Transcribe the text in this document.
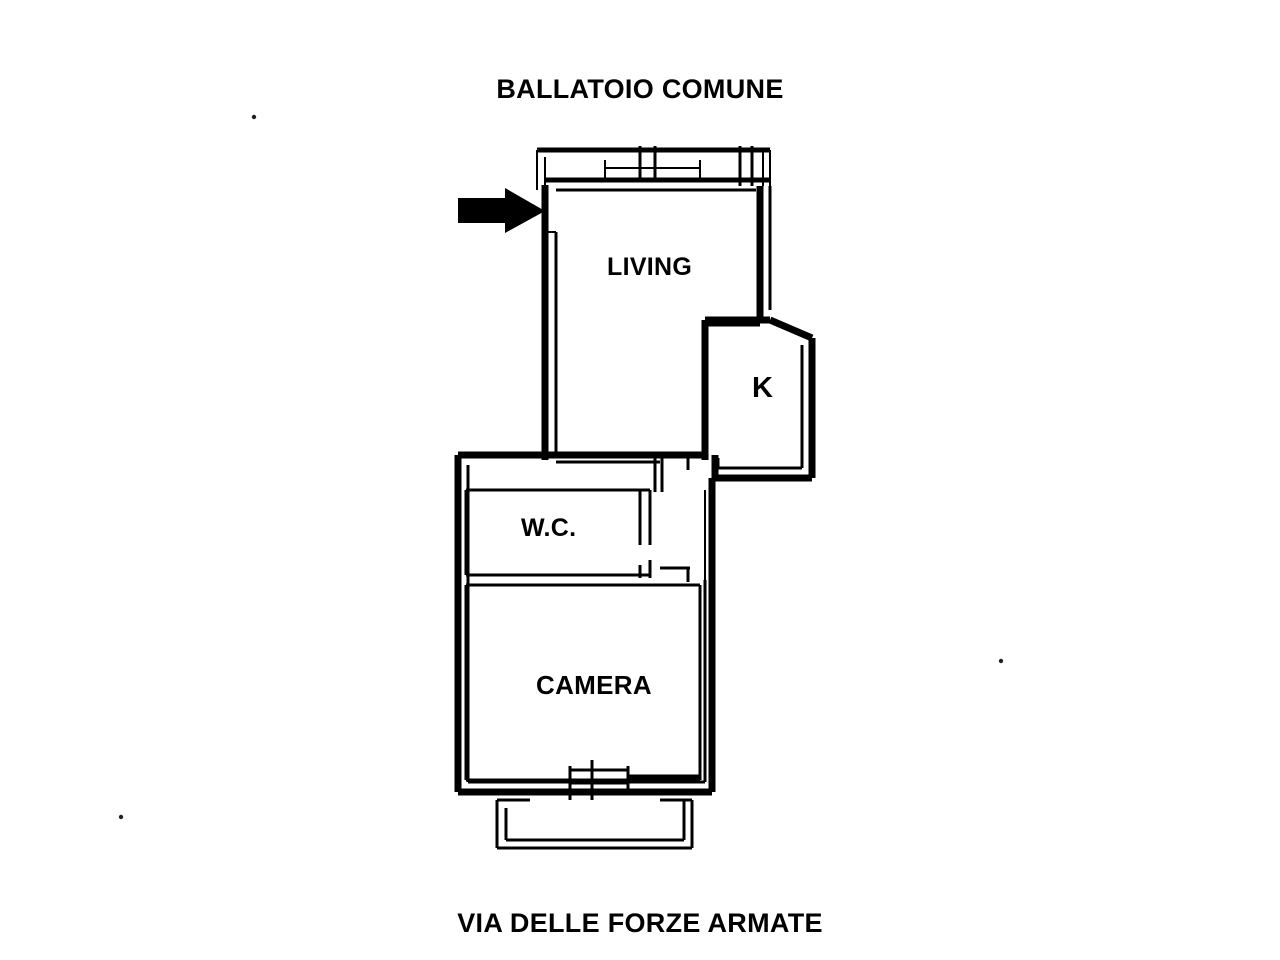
BALLATOIO COMUNE
LIVING
K
W.C.
CAMERA
VIA DELLE FORZE ARMATE
